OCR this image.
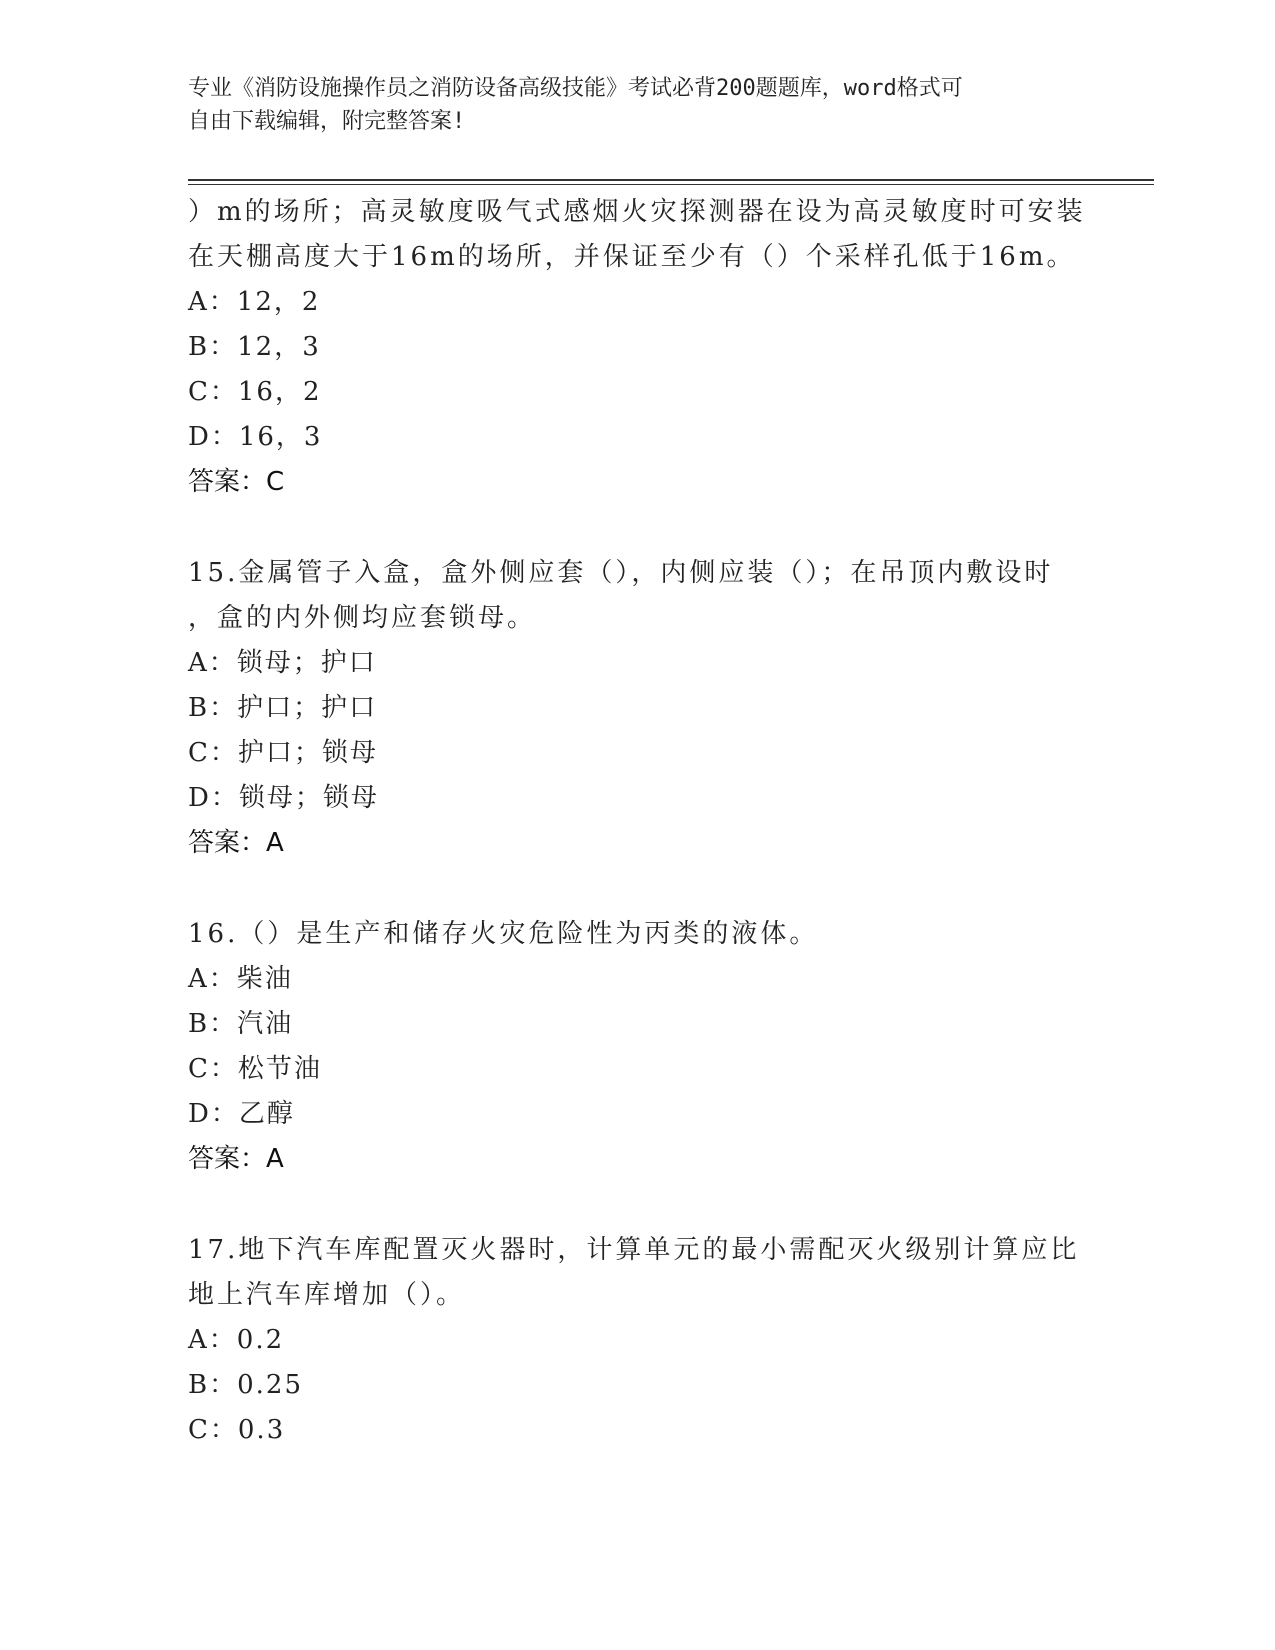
专业《消防设施操作员之消防设备高级技能》考试必背200题题库，word格式可
自由下载编辑，附完整答案!
）m的场所；高灵敏度吸气式感烟火灾探测器在设为高灵敏度时可安装
在天棚高度大于16m的场所，并保证至少有（）个采样孔低于16m。
A：12，2
B：12，3
C：16，2
D：16，3
答案：C
15.金属管子入盒，盒外侧应套（），内侧应装（）；在吊顶内敷设时
，盒的内外侧均应套锁母。
A：锁母；护口
B：护口；护口
C：护口；锁母
D：锁母；锁母
答案：A
16.（）是生产和储存火灾危险性为丙类的液体。
A：柴油
B：汽油
C：松节油
D：乙醇
答案：A
17.地下汽车库配置灭火器时，计算单元的最小需配灭火级别计算应比
地上汽车库增加（）。
A：0.2
B：0.25
C：0.3
